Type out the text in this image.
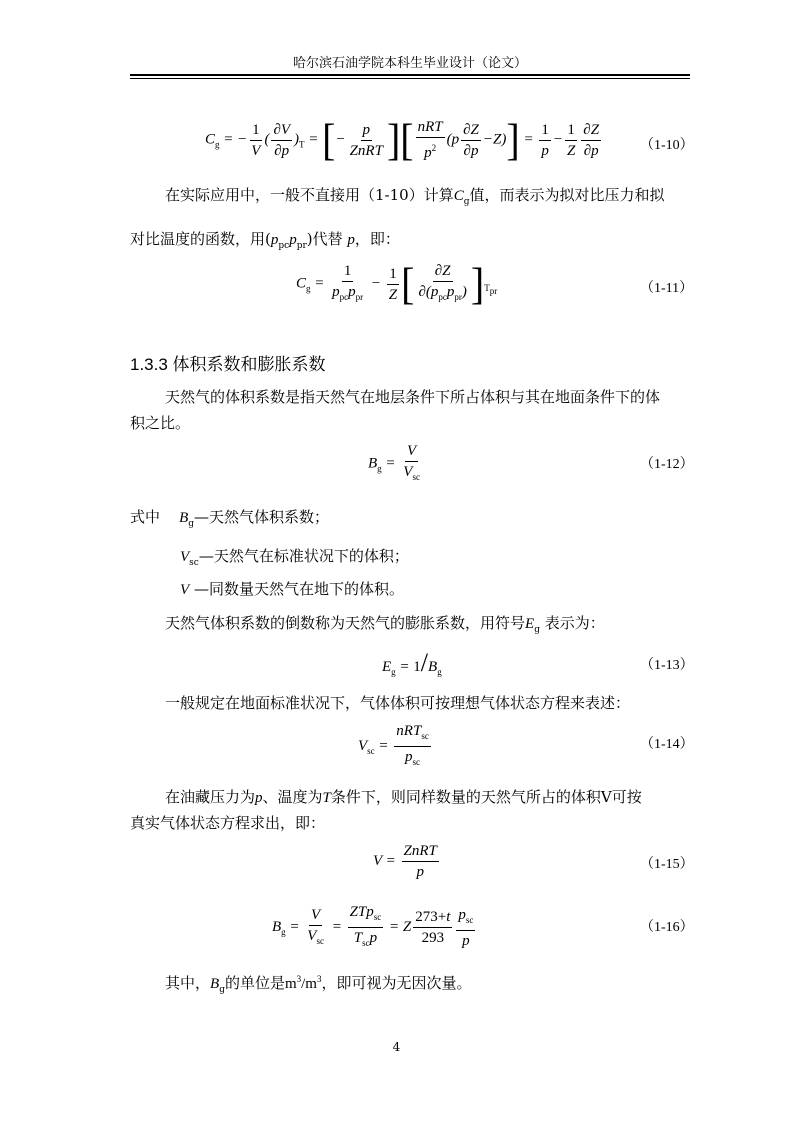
哈尔滨石油学院本科生毕业设计（论文）
$C_g$ = − $\frac{1}{V}$ ( $\frac{\partial V}{\partial p} )_T$ = [− $\frac{p}{\text{ZnRT}}$ ][ $\frac{\text{nRT}}{p^2} (p \frac{\partial Z}{\partial p} -Z)] = \frac{1}{p} - \frac{1}{Z} \frac{\partial Z}{\partial p}$	（1-10）
在实际应用中，一般不直接用（1-10）计算$C_g$值，而表示为拟对比压力和拟
对比温度的函数，用$(p_{pc}p_{pr})$代替 p，即：
$C_g = \frac{1}{p_{pc}p_{pr}} - \frac{1}{Z}$ [ $\frac{\partial Z}{\partial(p_{pc}p_{pr})} ]_{T_{pr}}$	（1-11）
1.3.3 体积系数和膨胀系数
天然气的体积系数是指天然气在地层条件下所占体积与其在地面条件下的体
积之比。
$B_g = \frac{V}{V_{sc}}$	（1-12）
式中 $B_g—$天然气体积系数；
$V_{sc}—$天然气在标准状况下的体积；
V —同数量天然气在地下的体积。
天然气体积系数的倒数称为天然气的膨胀系数，用符号$E_g$ 表示为：
$E_g = 1/B_g$	（1-13）
一般规定在地面标准状况下，气体体积可按理想气体状态方程来表述：
$V_{sc} = \frac{nRT_{sc}}{p_{sc}}$	（1-14）
在油藏压力为p、温度为T条件下，则同样数量的天然气所占的体积V可按
真实气体状态方程求出，即：
$V = \frac{\text{ZnRT}}{p}$	（1-15）
$B_g = \frac{V}{V_{sc}} = \frac{ZTp_{sc}}{T_{sc}p} = Z \frac{273+t}{293} \frac{p_{sc}}{p}$	（1-16）
其中，$B_g$的单位是$m^3/m^3$，即可视为无因次量。
4
